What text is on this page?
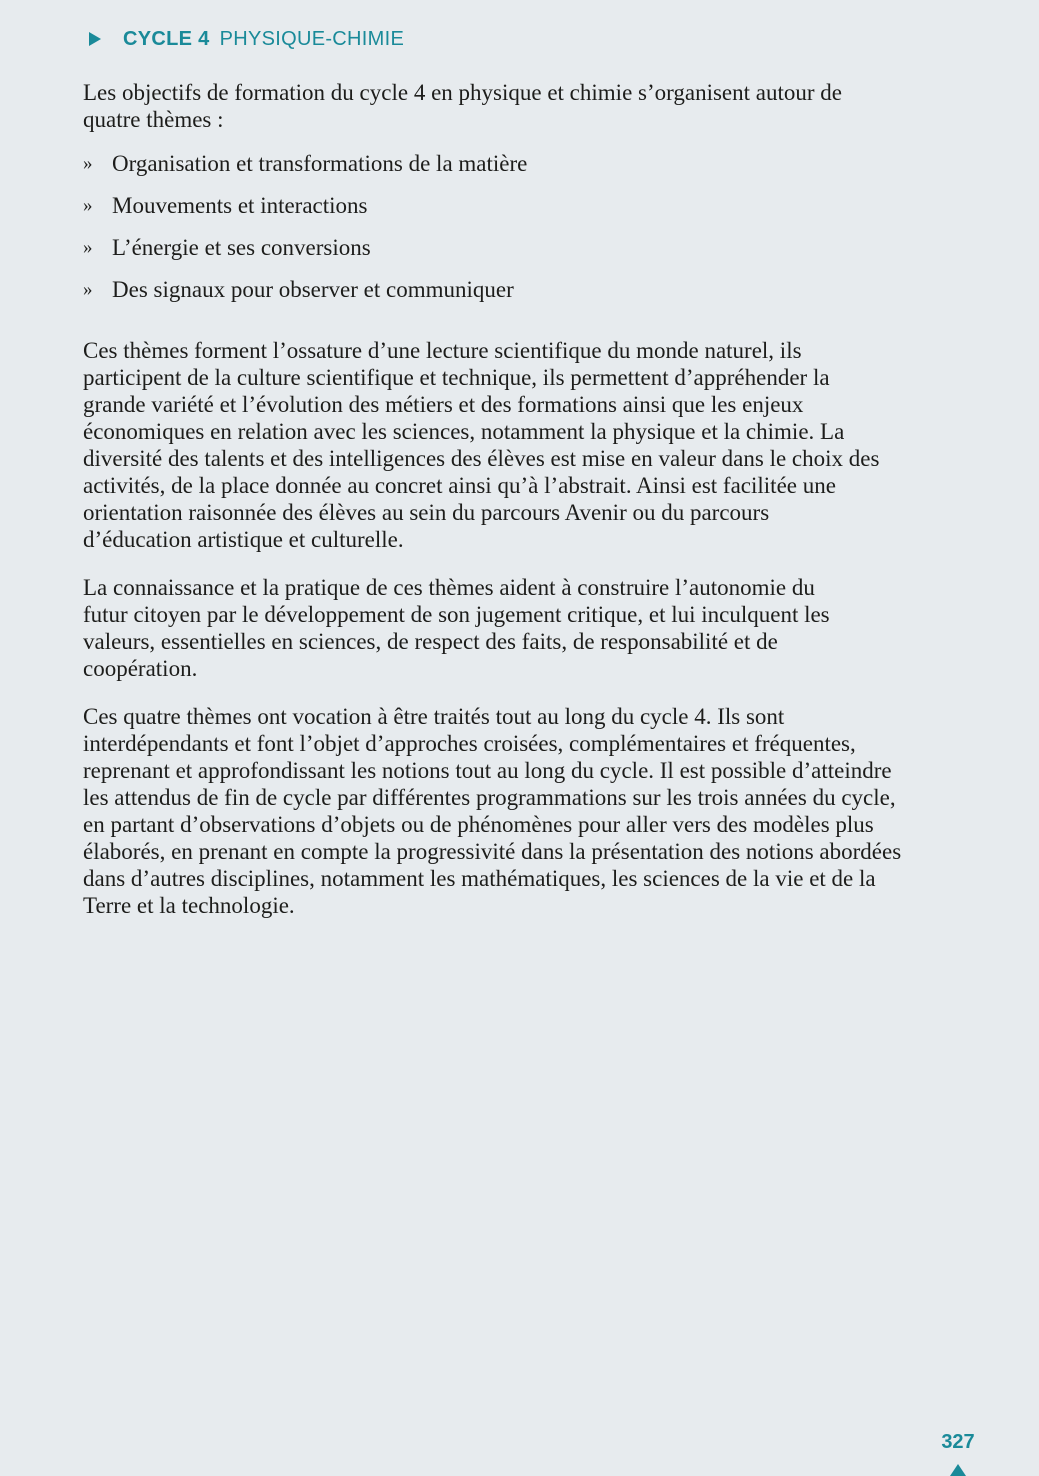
CYCLE 4 PHYSIQUE-CHIMIE

Les objectifs de formation du cycle 4 en physique et chimie s’organisent autour de quatre thèmes :

» Organisation et transformations de la matière
» Mouvements et interactions
» L’énergie et ses conversions
» Des signaux pour observer et communiquer

Ces thèmes forment l’ossature d’une lecture scientifique du monde naturel, ils participent de la culture scientifique et technique, ils permettent d’appréhender la grande variété et l’évolution des métiers et des formations ainsi que les enjeux économiques en relation avec les sciences, notamment la physique et la chimie. La diversité des talents et des intelligences des élèves est mise en valeur dans le choix des activités, de la place donnée au concret ainsi qu’à l’abstrait. Ainsi est facilitée une orientation raisonnée des élèves au sein du parcours Avenir ou du parcours d’éducation artistique et culturelle.

La connaissance et la pratique de ces thèmes aident à construire l’autonomie du futur citoyen par le développement de son jugement critique, et lui inculquent les valeurs, essentielles en sciences, de respect des faits, de responsabilité et de coopération.

Ces quatre thèmes ont vocation à être traités tout au long du cycle 4. Ils sont interdépendants et font l’objet d’approches croisées, complémentaires et fréquentes, reprenant et approfondissant les notions tout au long du cycle. Il est possible d’atteindre les attendus de fin de cycle par différentes programmations sur les trois années du cycle, en partant d’observations d’objets ou de phénomènes pour aller vers des modèles plus élaborés, en prenant en compte la progressivité dans la présentation des notions abordées dans d’autres disciplines, notamment les mathématiques, les sciences de la vie et de la Terre et la technologie.

327
